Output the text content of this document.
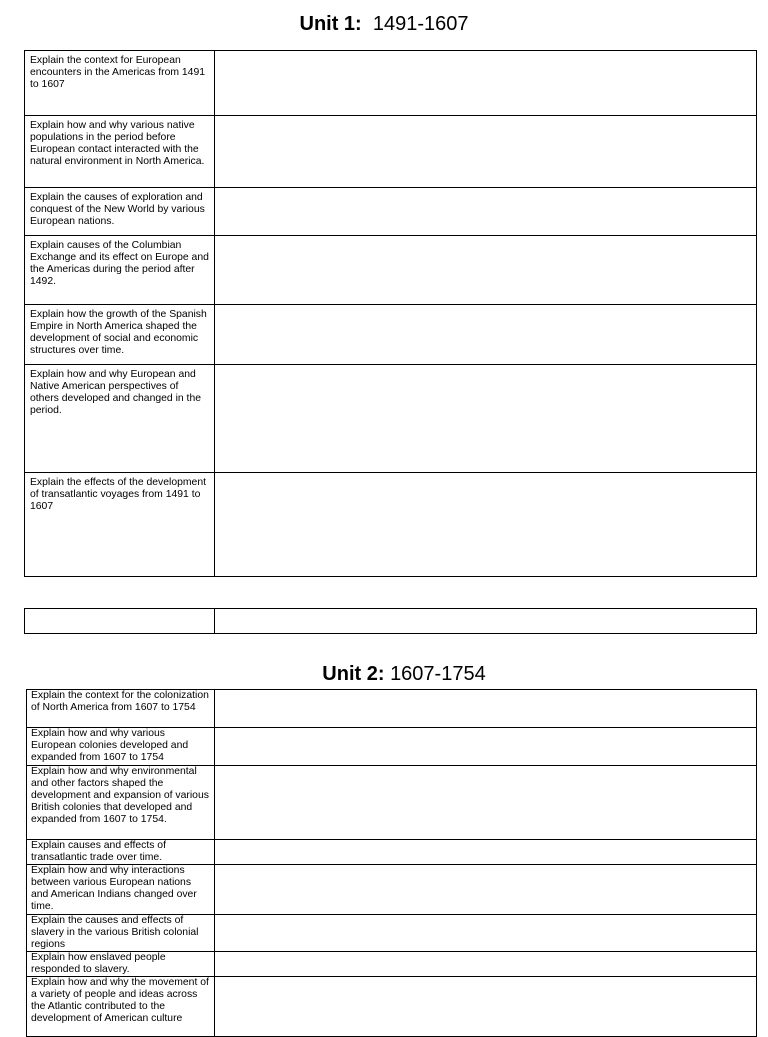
Unit 1: 1491-1607
Explain the context for European encounters in the Americas from 1491 to 1607	

Explain how and why various native populations in the period before European contact interacted with the natural environment in North America.	

Explain the causes of exploration and conquest of the New World by various European nations.	

Explain causes of the Columbian Exchange and its effect on Europe and the Americas during the period after 1492.	

Explain how the growth of the Spanish Empire in North America shaped the development of social and economic structures over time.	

Explain how and why European and Native American perspectives of others developed and changed in the period.	

Explain the effects of the development of transatlantic voyages from 1491 to 1607	

Unit 2: 1607-1754
Explain the context for the colonization of North America from 1607 to 1754	

Explain how and why various European colonies developed and expanded from 1607 to 1754	

Explain how and why environmental and other factors shaped the development and expansion of various British colonies that developed and expanded from 1607 to 1754.	

Explain causes and effects of transatlantic trade over time.	

Explain how and why interactions between various European nations and American Indians changed over time.	

Explain the causes and effects of slavery in the various British colonial regions	

Explain how enslaved people responded to slavery.	

Explain how and why the movement of a variety of people and ideas across the Atlantic contributed to the development of American culture	
